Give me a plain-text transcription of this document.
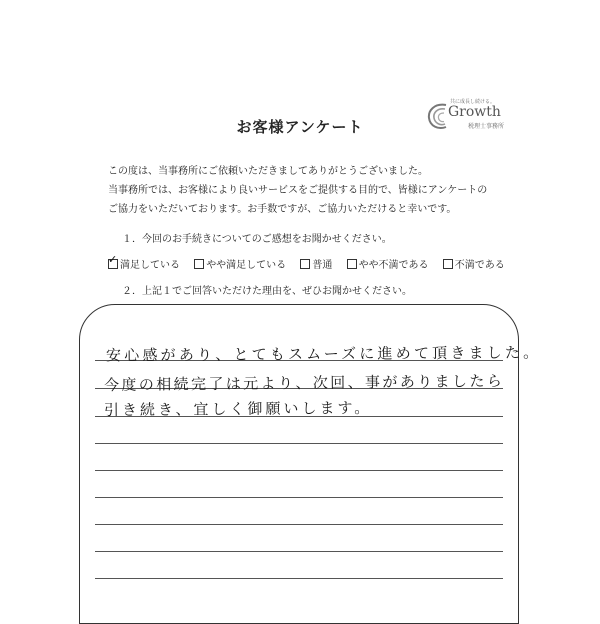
お客様アンケート
共に成長し続ける。
Growth
税理士事務所
この度は、当事務所にご依頼いただきましてありがとうございました。
当事務所では、お客様により良いサービスをご提供する目的で、皆様にアンケートの
ご協力をいただいております。お手数ですが、ご協力いただけると幸いです。
１．今回のお手続きについてのご感想をお聞かせください。
✓ 満足している	やや満足している	普通	やや不満である	不満である
２．上記１でご回答いただけた理由を、ぜひお聞かせください。
安心感があり、とてもスムーズに進めて頂きました。
今度の相続完了は元より、次回、事がありましたら
引き続き、宜しく御願いします。
